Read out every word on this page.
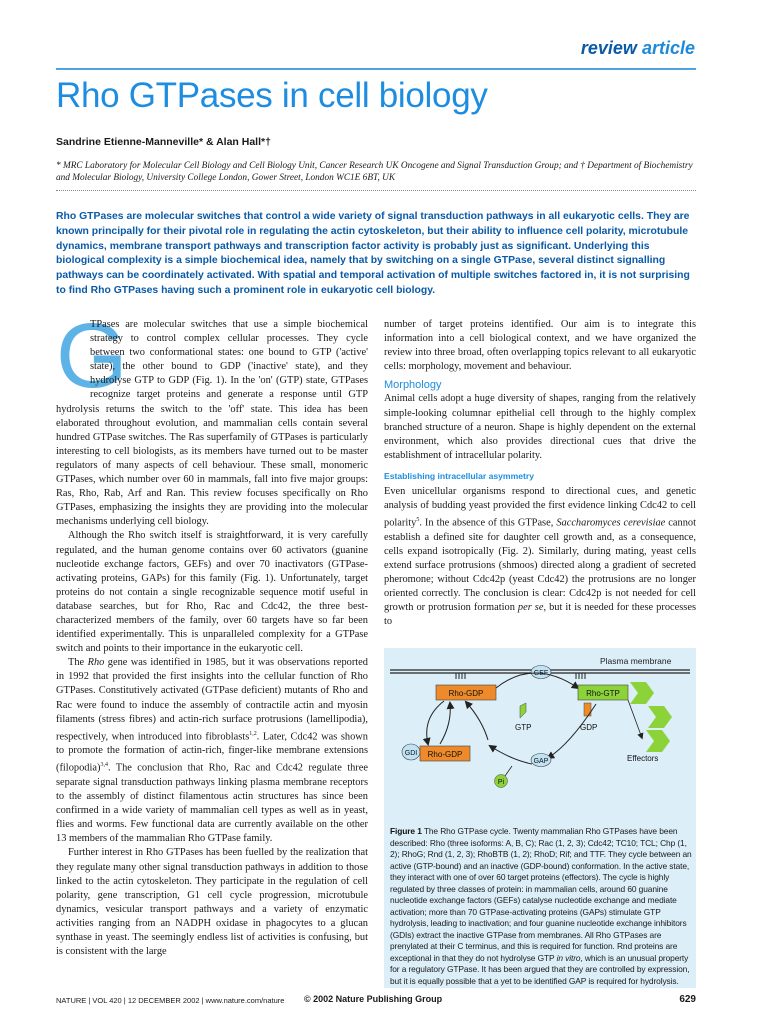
review article
Rho GTPases in cell biology
Sandrine Etienne-Manneville* & Alan Hall*†
* MRC Laboratory for Molecular Cell Biology and Cell Biology Unit, Cancer Research UK Oncogene and Signal Transduction Group; and † Department of Biochemistry and Molecular Biology, University College London, Gower Street, London WC1E 6BT, UK
Rho GTPases are molecular switches that control a wide variety of signal transduction pathways in all eukaryotic cells. They are known principally for their pivotal role in regulating the actin cytoskeleton, but their ability to influence cell polarity, microtubule dynamics, membrane transport pathways and transcription factor activity is probably just as significant. Underlying this biological complexity is a simple biochemical idea, namely that by switching on a single GTPase, several distinct signalling pathways can be coordinately activated. With spatial and temporal activation of multiple switches factored in, it is not surprising to find Rho GTPases having such a prominent role in eukaryotic cell biology.
G

TPases are molecular switches that use a simple biochemical strategy to control complex cellular processes. They cycle between two conformational states: one bound to GTP ('active' state), the other bound to GDP ('inactive' state), and they hydrolyse GTP to GDP (Fig. 1). In the 'on' (GTP) state, GTPases recognize target proteins and generate a response until GTP hydrolysis returns the switch to the 'off' state. This idea has been elaborated throughout evolution, and mammalian cells contain several hundred GTPase switches. The Ras superfamily of GTPases is particularly interesting to cell biologists, as its members have turned out to be master regulators of many aspects of cell behaviour. These small, monomeric GTPases, which number over 60 in mammals, fall into five major groups: Ras, Rho, Rab, Arf and Ran. This review focuses specifically on Rho GTPases, emphasizing the insights they are providing into the molecular mechanisms underlying cell biology.

Although the Rho switch itself is straightforward, it is very carefully regulated, and the human genome contains over 60 activators (guanine nucleotide exchange factors, GEFs) and over 70 inactivators (GTPase-activating proteins, GAPs) for this family (Fig. 1). Unfortunately, target proteins do not contain a single recognizable sequence motif useful in database searches, but for Rho, Rac and Cdc42, the three best-characterized members of the family, over 60 targets have so far been identified experimentally. This is unparalleled complexity for a GTPase switch and points to their importance in the eukaryotic cell.

The Rho gene was identified in 1985, but it was observations reported in 1992 that provided the first insights into the cellular function of Rho GTPases. Constitutively activated (GTPase deficient) mutants of Rho and Rac were found to induce the assembly of contractile actin and myosin filaments (stress fibres) and actin-rich surface protrusions (lamellipodia), respectively, when introduced into fibroblasts$^{1,2}$. Later, Cdc42 was shown to promote the formation of actin-rich, finger-like membrane extensions (filopodia)$^{3,4}$. The conclusion that Rho, Rac and Cdc42 regulate three separate signal transduction pathways linking plasma membrane receptors to the assembly of distinct filamentous actin structures has since been confirmed in a wide variety of mammalian cell types as well as in yeast, flies and worms. Few functional data are currently available on the other 13 members of the mammalian Rho GTPase family.

Further interest in Rho GTPases has been fuelled by the realization that they regulate many other signal transduction pathways in addition to those linked to the actin cytoskeleton. They participate in the regulation of cell polarity, gene transcription, G1 cell cycle progression, microtubule dynamics, vesicular transport pathways and a variety of enzymatic activities ranging from an NADPH oxidase in phagocytes to a glucan synthase in yeast. The seemingly endless list of activities is confusing, but is consistent with the large

number of target proteins identified. Our aim is to integrate this information into a cell biological context, and we have organized the review into three broad, often overlapping topics relevant to all eukaryotic cells: morphology, movement and behaviour.

Morphology

Animal cells adopt a huge diversity of shapes, ranging from the relatively simple-looking columnar epithelial cell through to the highly complex branched structure of a neuron. Shape is highly dependent on the external environment, which also provides directional cues that drive the establishment of intracellular polarity.

Establishing intracellular asymmetry

Even unicellular organisms respond to directional cues, and genetic analysis of budding yeast provided the first evidence linking Cdc42 to cell polarity$^5$. In the absence of this GTPase, Saccharomyces cerevisiae cannot establish a defined site for daughter cell growth and, as a consequence, cells expand isotropically (Fig. 2). Similarly, during mating, yeast cells extend surface protrusions (shmoos) directed along a gradient of secreted pheromone; without Cdc42p (yeast Cdc42) the protrusions are no longer oriented correctly. The conclusion is clear: Cdc42p is not needed for cell growth or protrusion formation per se, but it is needed for these processes to

Plasma membrane
Rho-GDP
GEF
Rho-GTP
Effectors
GTP	GDP
GAP
Pi
GDI Rho-GDP
Figure 1 The Rho GTPase cycle. Twenty mammalian Rho GTPases have been described: Rho (three isoforms: A, B, C); Rac (1, 2, 3); Cdc42; TC10; TCL; Chp (1, 2); RhoG; Rnd (1, 2, 3); RhoBTB (1, 2); RhoD; Rif; and TTF. They cycle between an active (GTP-bound) and an inactive (GDP-bound) conformation. In the active state, they interact with one of over 60 target proteins (effectors). The cycle is highly regulated by three classes of protein: in mammalian cells, around 60 guanine nucleotide exchange factors (GEFs) catalyse nucleotide exchange and mediate activation; more than 70 GTPase-activating proteins (GAPs) stimulate GTP hydrolysis, leading to inactivation; and four guanine nucleotide exchange inhibitors (GDIs) extract the inactive GTPase from membranes. All Rho GTPases are prenylated at their C terminus, and this is required for function. Rnd proteins are exceptional in that they do not hydrolyse GTP in vitro, which is an unusual property for a regulatory GTPase. It has been argued that they are controlled by expression, but it is equally possible that a yet to be identified GAP is required for hydrolysis.
NATURE | VOL 420 | 12 DECEMBER 2002 | www.nature.com/nature © 2002 Nature Publishing Group	629
